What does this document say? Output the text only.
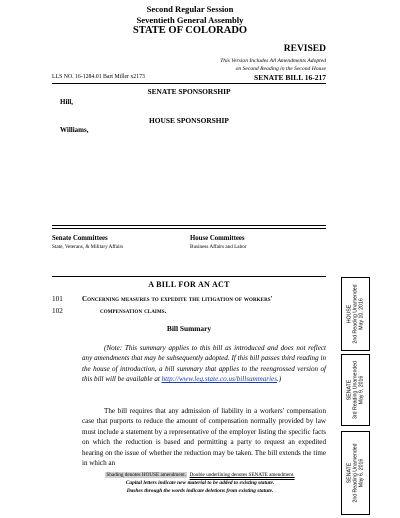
Second Regular Session
Seventieth General Assembly
STATE OF COLORADO
REVISED
This Version Includes All Amendments Adopted
on Second Reading in the Second House
LLS NO. 16-1284.01 Bart Miller x2173	SENATE BILL 16-217
SENATE SPONSORSHIP
Hill,
HOUSE SPONSORSHIP
Williams,
Senate Committees
State, Veterans, & Military Affairs
House Committees
Business Affairs and Labor
A BILL FOR AN ACT
101	Concerning measures to expedite the litigation of workers'
102	compensation claims.
Bill Summary
(Note: This summary applies to this bill as introduced and does not reflect any amendments that may be subsequently adopted. If this bill passes third reading in the house of introduction, a bill summary that applies to the reengrossed version of this bill will be available at http://www.leg.state.co.us/billsummaries.)
The bill requires that any admission of liability in a workers' compensation case that purports to reduce the amount of compensation normally provided by law must include a statement by a representative of the employer listing the specific facts on which the reduction is based and permitting a party to request an expedited hearing on the issue of whether the reduction may be taken. The bill extends the time in which an
Shading denotes HOUSE amendment. Double underlining denotes SENATE amendment.
Capital letters indicate new material to be added to existing statute.
Dashes through the words indicate deletions from existing statute.
HOUSE 2nd Reading Unamended May 10, 2016
SENATE 3rd Reading Unamended May 9, 2016
SENATE 2nd Reading Unamended May 6, 2016
